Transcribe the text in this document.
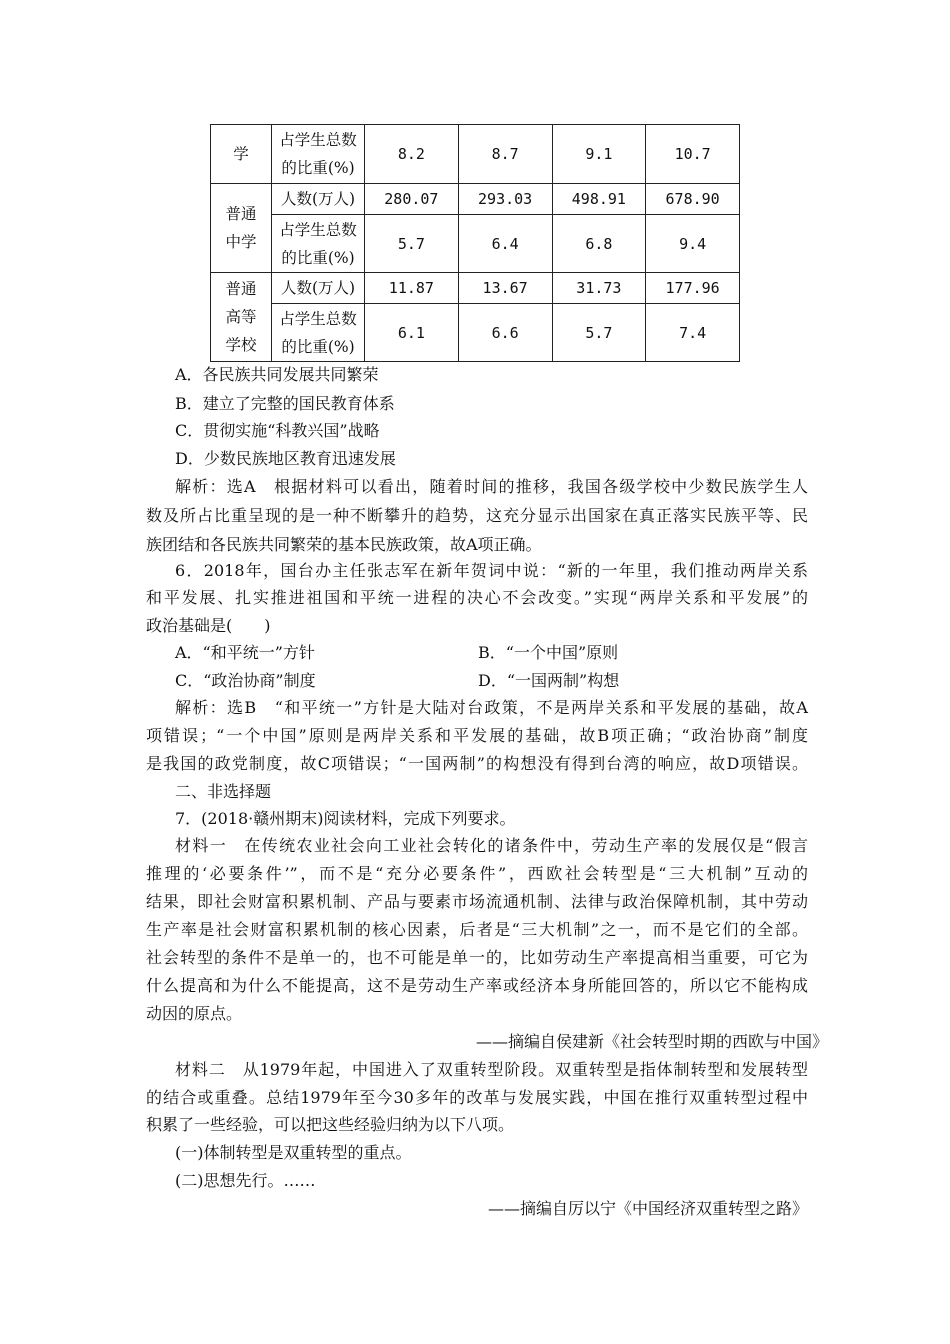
学	占学生总数
的比重(%)	8.2	8.7	9.1	10.7
普通
中学	人数(万人)	280.07	293.03	498.91	678.90
	占学生总数
的比重(%)	5.7	6.4	6.8	9.4
普通
高等
学校	人数(万人)	11.87	13.67	31.73	177.96
	占学生总数
的比重(%)	6.1	6.6	5.7	7.4
A．各民族共同发展共同繁荣
B．建立了完整的国民教育体系
C．贯彻实施“科教兴国”战略
D．少数民族地区教育迅速发展
解析：选A　根据材料可以看出，随着时间的推移，我国各级学校中少数民族学生人
数及所占比重呈现的是一种不断攀升的趋势，这充分显示出国家在真正落实民族平等、民
族团结和各民族共同繁荣的基本民族政策，故A项正确。
6．2018年，国台办主任张志军在新年贺词中说：“新的一年里，我们推动两岸关系
和平发展、扎实推进祖国和平统一进程的决心不会改变。”实现“两岸关系和平发展”的
政治基础是(　　)
A．“和平统一”方针	B．“一个中国”原则
C．“政治协商”制度	D．“一国两制”构想
解析：选B　“和平统一”方针是大陆对台政策，不是两岸关系和平发展的基础，故A
项错误；“一个中国”原则是两岸关系和平发展的基础，故B项正确；“政治协商”制度
是我国的政党制度，故C项错误；“一国两制”的构想没有得到台湾的响应，故D项错误。
二、非选择题
7．(2018·赣州期末)阅读材料，完成下列要求。
材料一　在传统农业社会向工业社会转化的诸条件中，劳动生产率的发展仅是“假言
推理的‘必要条件’”，而不是“充分必要条件”，西欧社会转型是“三大机制”互动的
结果，即社会财富积累机制、产品与要素市场流通机制、法律与政治保障机制，其中劳动
生产率是社会财富积累机制的核心因素，后者是“三大机制”之一，而不是它们的全部。
社会转型的条件不是单一的，也不可能是单一的，比如劳动生产率提高相当重要，可它为
什么提高和为什么不能提高，这不是劳动生产率或经济本身所能回答的，所以它不能构成
动因的原点。
——摘编自侯建新《社会转型时期的西欧与中国》
材料二　从1979年起，中国进入了双重转型阶段。双重转型是指体制转型和发展转型
的结合或重叠。总结1979年至今30多年的改革与发展实践，中国在推行双重转型过程中
积累了一些经验，可以把这些经验归纳为以下八项。
(一)体制转型是双重转型的重点。
(二)思想先行。……
——摘编自厉以宁《中国经济双重转型之路》
